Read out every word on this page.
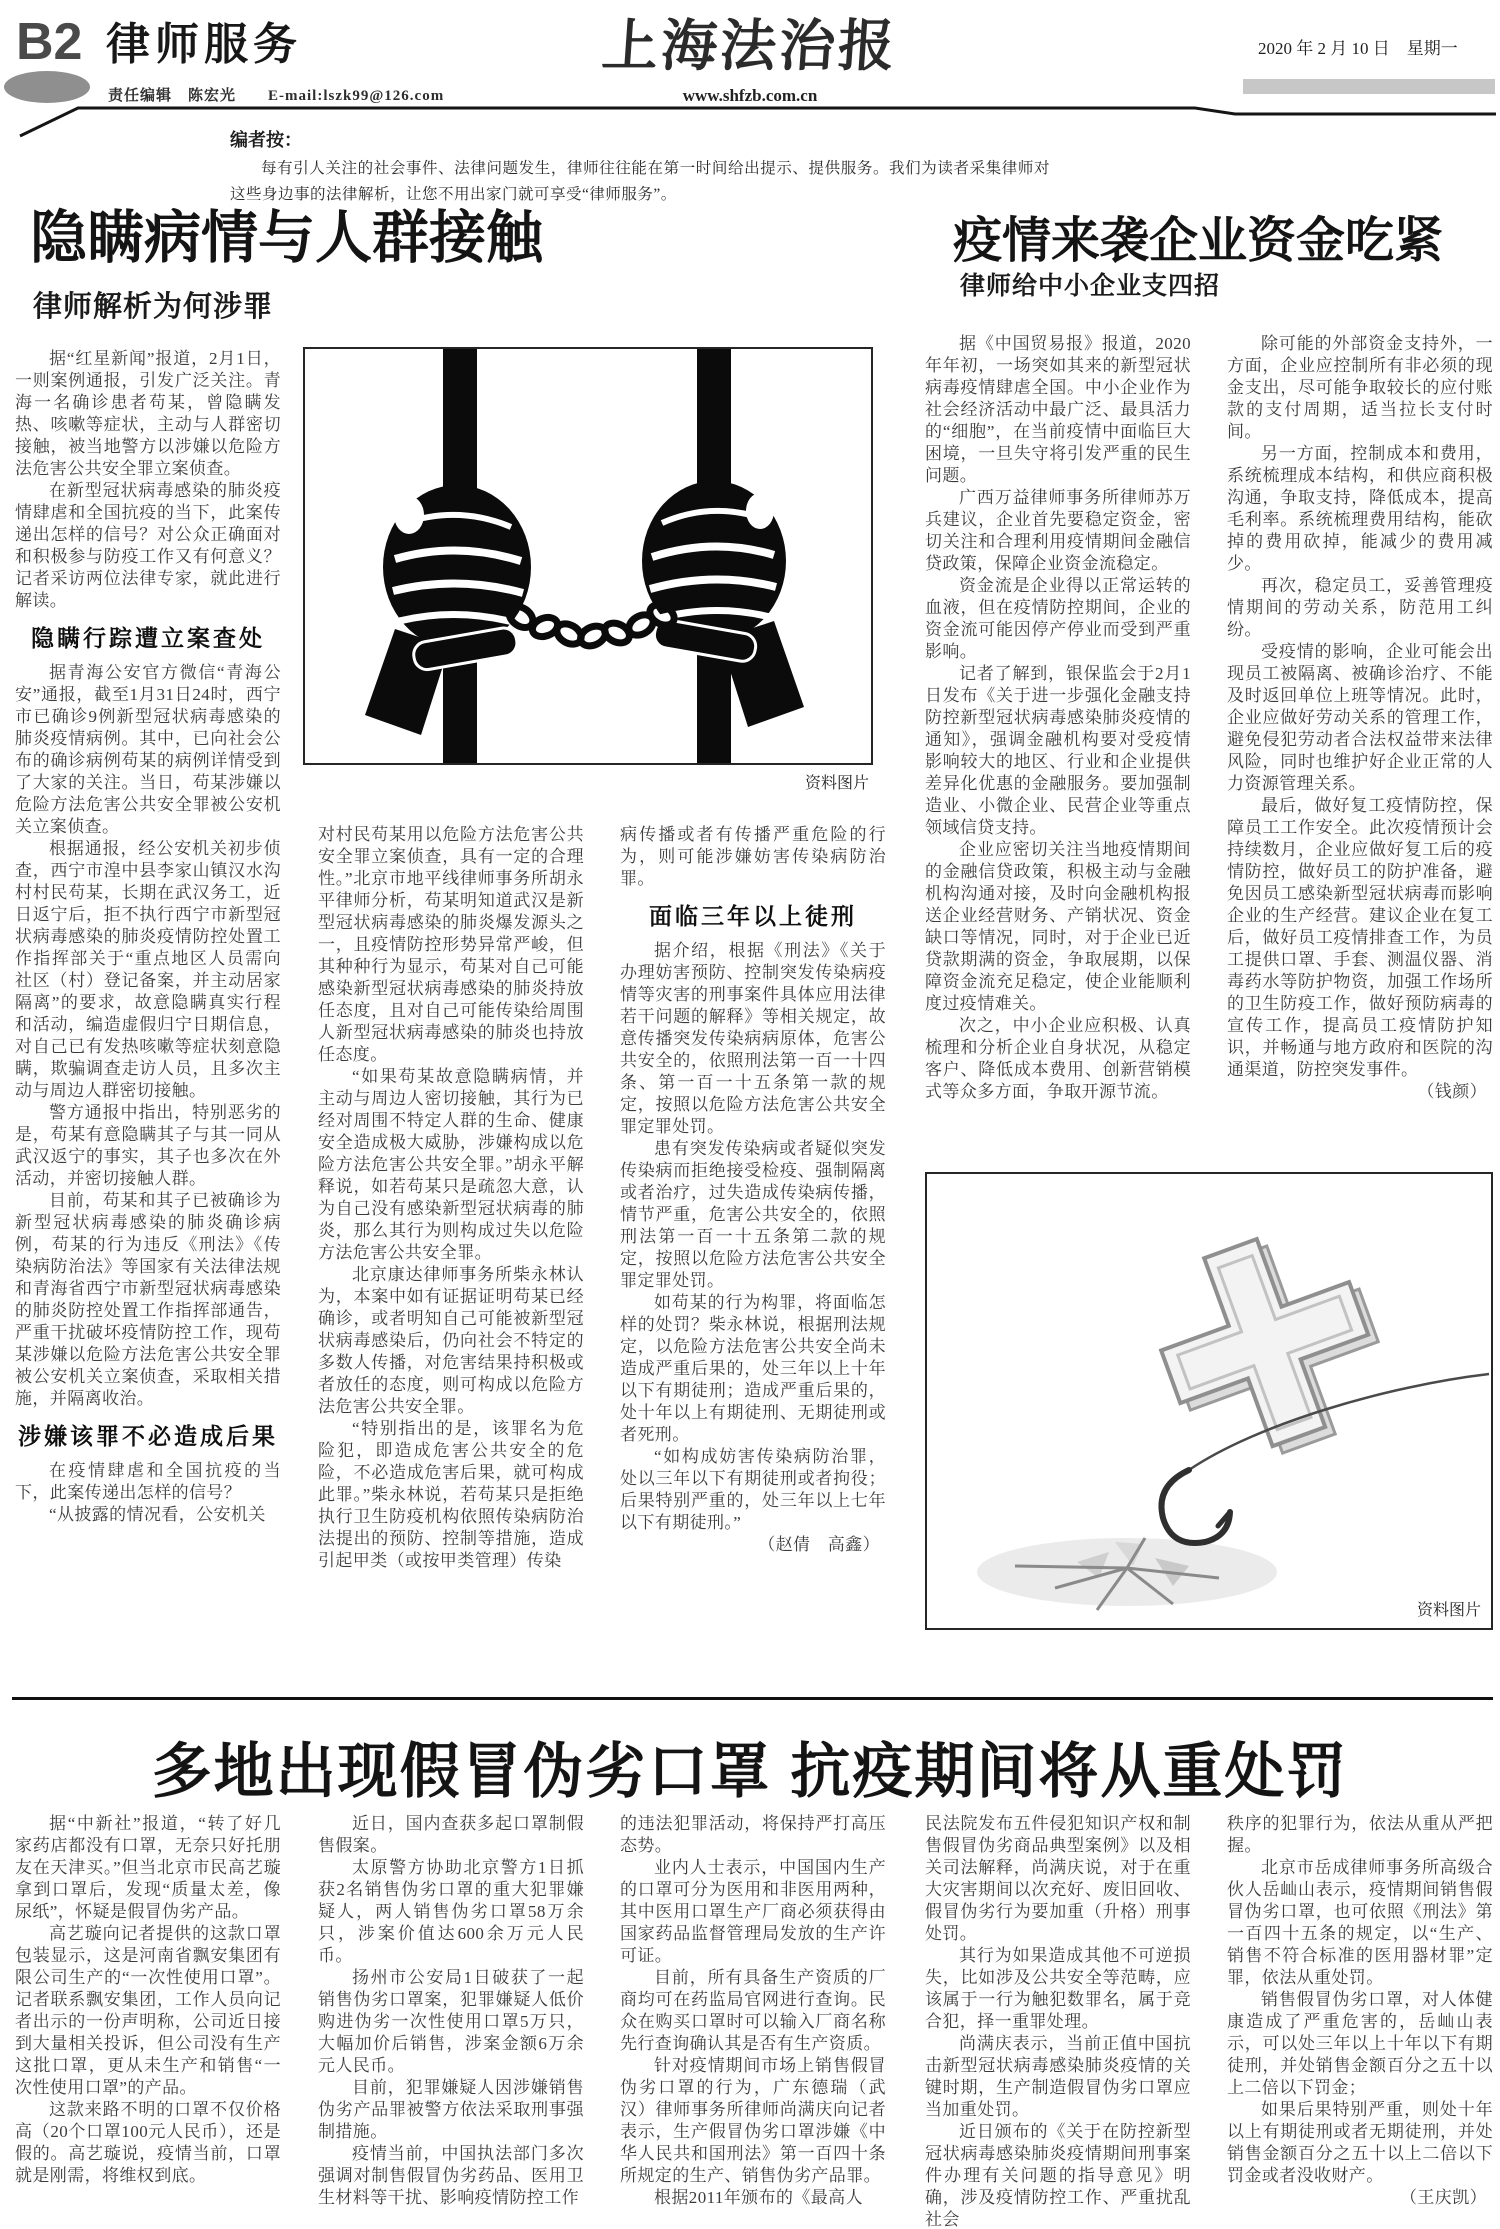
B2 律师服务
责任编辑　陈宏光　　E-mail:lszk99@126.com
上海法治报
www.shfzb.com.cn
2020 年 2 月 10 日　星期一
编者按：

每有引人关注的社会事件、法律问题发生，律师往往能在第一时间给出提示、提供服务。我们为读者采集律师对这些身边事的法律解析，让您不用出家门就可享受“律师服务”。

隐瞒病情与人群接触
律师解析为何涉罪

据“红星新闻”报道，2月1日，一则案例通报，引发广泛关注。青海一名确诊患者苟某，曾隐瞒发热、咳嗽等症状，主动与人群密切接触，被当地警方以涉嫌以危险方法危害公共安全罪立案侦查。

在新型冠状病毒感染的肺炎疫情肆虐和全国抗疫的当下，此案传递出怎样的信号？对公众正确面对和积极参与防疫工作又有何意义？记者采访两位法律专家，就此进行解读。

隐瞒行踪遭立案查处

据青海公安官方微信“青海公安”通报，截至1月31日24时，西宁市已确诊9例新型冠状病毒感染的肺炎疫情病例。其中，已向社会公布的确诊病例苟某的病例详情受到了大家的关注。当日，苟某涉嫌以危险方法危害公共安全罪被公安机关立案侦查。

根据通报，经公安机关初步侦查，西宁市湟中县李家山镇汉水沟村村民苟某，长期在武汉务工，近日返宁后，拒不执行西宁市新型冠状病毒感染的肺炎疫情防控处置工作指挥部关于“重点地区人员需向社区（村）登记备案，并主动居家隔离”的要求，故意隐瞒真实行程和活动，编造虚假归宁日期信息，对自己已有发热咳嗽等症状刻意隐瞒，欺骗调查走访人员，且多次主动与周边人群密切接触。

警方通报中指出，特别恶劣的是，苟某有意隐瞒其子与其一同从武汉返宁的事实，其子也多次在外活动，并密切接触人群。

目前，苟某和其子已被确诊为新型冠状病毒感染的肺炎确诊病例，苟某的行为违反《刑法》《传染病防治法》等国家有关法律法规和青海省西宁市新型冠状病毒感染的肺炎防控处置工作指挥部通告，严重干扰破坏疫情防控工作，现苟某涉嫌以危险方法危害公共安全罪被公安机关立案侦查，采取相关措施，并隔离收治。

涉嫌该罪不必造成后果

在疫情肆虐和全国抗疫的当下，此案传递出怎样的信号？

“从披露的情况看，公安机关

资料图片

对村民苟某用以危险方法危害公共安全罪立案侦查，具有一定的合理性。”北京市地平线律师事务所胡永平律师分析，苟某明知道武汉是新型冠状病毒感染的肺炎爆发源头之一，且疫情防控形势异常严峻，但其种种行为显示，苟某对自己可能感染新型冠状病毒感染的肺炎持放任态度，且对自己可能传染给周围人新型冠状病毒感染的肺炎也持放任态度。

“如果苟某故意隐瞒病情，并主动与周边人密切接触，其行为已经对周围不特定人群的生命、健康安全造成极大威胁，涉嫌构成以危险方法危害公共安全罪。”胡永平解释说，如若苟某只是疏忽大意，认为自己没有感染新型冠状病毒的肺炎，那么其行为则构成过失以危险方法危害公共安全罪。

北京康达律师事务所柴永林认为，本案中如有证据证明苟某已经确诊，或者明知自己可能被新型冠状病毒感染后，仍向社会不特定的多数人传播，对危害结果持积极或者放任的态度，则可构成以危险方法危害公共安全罪。

“特别指出的是，该罪名为危险犯，即造成危害公共安全的危险，不必造成危害后果，就可构成此罪。”柴永林说，若苟某只是拒绝执行卫生防疫机构依照传染病防治法提出的预防、控制等措施，造成引起甲类（或按甲类管理）传染

病传播或者有传播严重危险的行为，则可能涉嫌妨害传染病防治罪。

面临三年以上徒刑

据介绍，根据《刑法》《关于办理妨害预防、控制突发传染病疫情等灾害的刑事案件具体应用法律若干问题的解释》等相关规定，故意传播突发传染病病原体，危害公共安全的，依照刑法第一百一十四条、第一百一十五条第一款的规定，按照以危险方法危害公共安全罪定罪处罚。

患有突发传染病或者疑似突发传染病而拒绝接受检疫、强制隔离或者治疗，过失造成传染病传播，情节严重，危害公共安全的，依照刑法第一百一十五条第二款的规定，按照以危险方法危害公共安全罪定罪处罚。

如苟某的行为构罪，将面临怎样的处罚？柴永林说，根据刑法规定，以危险方法危害公共安全尚未造成严重后果的，处三年以上十年以下有期徒刑；造成严重后果的，处十年以上有期徒刑、无期徒刑或者死刑。

“如构成妨害传染病防治罪，处以三年以下有期徒刑或者拘役；后果特别严重的，处三年以上七年以下有期徒刑。”

（赵倩　高鑫）

疫情来袭企业资金吃紧
律师给中小企业支四招

据《中国贸易报》报道，2020年年初，一场突如其来的新型冠状病毒疫情肆虐全国。中小企业作为社会经济活动中最广泛、最具活力的“细胞”，在当前疫情中面临巨大困境，一旦失守将引发严重的民生问题。

广西万益律师事务所律师苏万兵建议，企业首先要稳定资金，密切关注和合理利用疫情期间金融信贷政策，保障企业资金流稳定。

资金流是企业得以正常运转的血液，但在疫情防控期间，企业的资金流可能因停产停业而受到严重影响。

记者了解到，银保监会于2月1日发布《关于进一步强化金融支持防控新型冠状病毒感染肺炎疫情的通知》，强调金融机构要对受疫情影响较大的地区、行业和企业提供差异化优惠的金融服务。要加强制造业、小微企业、民营企业等重点领域信贷支持。

企业应密切关注当地疫情期间的金融信贷政策，积极主动与金融机构沟通对接，及时向金融机构报送企业经营财务、产销状况、资金缺口等情况，同时，对于企业已近贷款期满的资金，争取展期，以保障资金流充足稳定，使企业能顺利度过疫情难关。

次之，中小企业应积极、认真梳理和分析企业自身状况，从稳定客户、降低成本费用、创新营销模式等众多方面，争取开源节流。

除可能的外部资金支持外，一方面，企业应控制所有非必须的现金支出，尽可能争取较长的应付账款的支付周期，适当拉长支付时间。

另一方面，控制成本和费用，系统梳理成本结构，和供应商积极沟通，争取支持，降低成本，提高毛利率。系统梳理费用结构，能砍掉的费用砍掉，能减少的费用减少。

再次，稳定员工，妥善管理疫情期间的劳动关系，防范用工纠纷。

受疫情的影响，企业可能会出现员工被隔离、被确诊治疗、不能及时返回单位上班等情况。此时，企业应做好劳动关系的管理工作，避免侵犯劳动者合法权益带来法律风险，同时也维护好企业正常的人力资源管理关系。

最后，做好复工疫情防控，保障员工工作安全。此次疫情预计会持续数月，企业应做好复工后的疫情防控，做好员工的防护准备，避免因员工感染新型冠状病毒而影响企业的生产经营。建议企业在复工后，做好员工疫情排查工作，为员工提供口罩、手套、测温仪器、消毒药水等防护物资，加强工作场所的卫生防疫工作，做好预防病毒的宣传工作，提高员工疫情防护知识，并畅通与地方政府和医院的沟通渠道，防控突发事件。

（钱颜）

资料图片
多地出现假冒伪劣口罩 抗疫期间将从重处罚

据“中新社”报道，“转了好几家药店都没有口罩，无奈只好托朋友在天津买。”但当北京市民高艺璇拿到口罩后，发现“质量太差，像尿纸”，怀疑是假冒伪劣产品。

高艺璇向记者提供的这款口罩包装显示，这是河南省飘安集团有限公司生产的“一次性使用口罩”。记者联系飘安集团，工作人员向记者出示的一份声明称，公司近日接到大量相关投诉，但公司没有生产这批口罩，更从未生产和销售“一次性使用口罩”的产品。

这款来路不明的口罩不仅价格高（20个口罩100元人民币），还是假的。高艺璇说，疫情当前，口罩就是刚需，将维权到底。

近日，国内查获多起口罩制假售假案。

太原警方协助北京警方1日抓获2名销售伪劣口罩的重大犯罪嫌疑人，两人销售伪劣口罩58万余只，涉案价值达600余万元人民币。

扬州市公安局1日破获了一起销售伪劣口罩案，犯罪嫌疑人低价购进伪劣一次性使用口罩5万只，大幅加价后销售，涉案金额6万余元人民币。

目前，犯罪嫌疑人因涉嫌销售伪劣产品罪被警方依法采取刑事强制措施。

疫情当前，中国执法部门多次强调对制售假冒伪劣药品、医用卫生材料等干扰、影响疫情防控工作

的违法犯罪活动，将保持严打高压态势。

业内人士表示，中国国内生产的口罩可分为医用和非医用两种，其中医用口罩生产厂商必须获得由国家药品监督管理局发放的生产许可证。

目前，所有具备生产资质的厂商均可在药监局官网进行查询。民众在购买口罩时可以输入厂商名称先行查询确认其是否有生产资质。

针对疫情期间市场上销售假冒伪劣口罩的行为，广东德瑞（武汉）律师事务所律师尚满庆向记者表示，生产假冒伪劣口罩涉嫌《中华人民共和国刑法》第一百四十条所规定的生产、销售伪劣产品罪。

根据2011年颁布的《最高人

民法院发布五件侵犯知识产权和制售假冒伪劣商品典型案例》以及相关司法解释，尚满庆说，对于在重大灾害期间以次充好、废旧回收、假冒伪劣行为要加重（升格）刑事处罚。

其行为如果造成其他不可逆损失，比如涉及公共安全等范畴，应该属于一行为触犯数罪名，属于竞合犯，择一重罪处理。

尚满庆表示，当前正值中国抗击新型冠状病毒感染肺炎疫情的关键时期，生产制造假冒伪劣口罩应当加重处罚。

近日颁布的《关于在防控新型冠状病毒感染肺炎疫情期间刑事案件办理有关问题的指导意见》明确，涉及疫情防控工作、严重扰乱社会

秩序的犯罪行为，依法从重从严把握。

北京市岳成律师事务所高级合伙人岳屾山表示，疫情期间销售假冒伪劣口罩，也可依照《刑法》第一百四十五条的规定，以“生产、销售不符合标准的医用器材罪”定罪，依法从重处罚。

销售假冒伪劣口罩，对人体健康造成了严重危害的，岳屾山表示，可以处三年以上十年以下有期徒刑，并处销售金额百分之五十以上二倍以下罚金；

如果后果特别严重，则处十年以上有期徒刑或者无期徒刑，并处销售金额百分之五十以上二倍以下罚金或者没收财产。

（王庆凯）
